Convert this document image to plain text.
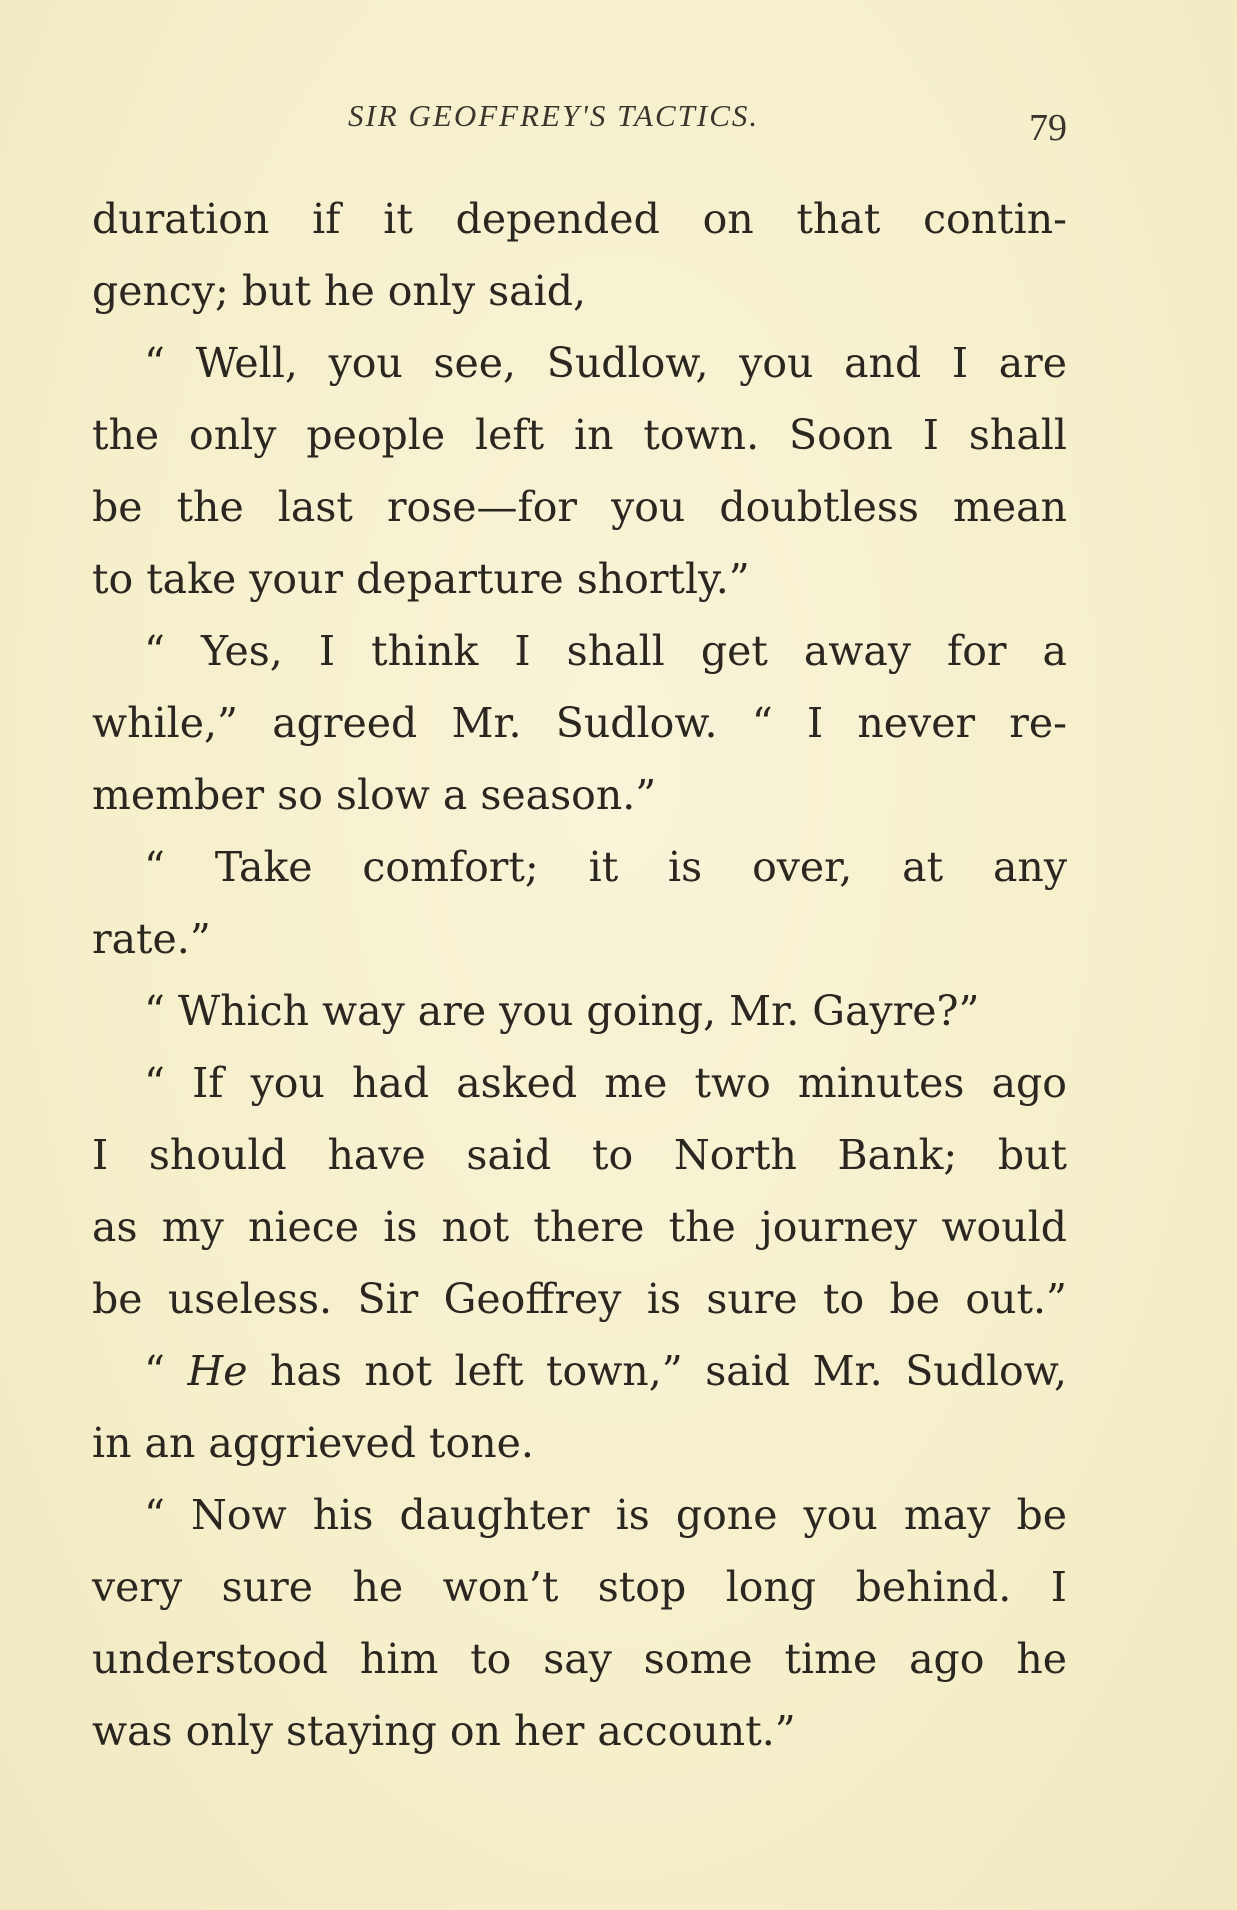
SIR GEOFFREY'S TACTICS.	79
duration if it depended on that contin-
gency; but he only said,
“ Well, you see, Sudlow, you and I are
the only people left in town. Soon I shall
be the last rose—for you doubtless mean
to take your departure shortly.”
“ Yes, I think I shall get away for a
while,” agreed Mr. Sudlow. “ I never re-
member so slow a season.”
“ Take comfort; it is over, at any
rate.”
“ Which way are you going, Mr. Gayre?”
“ If you had asked me two minutes ago
I should have said to North Bank; but
as my niece is not there the journey would
be useless. Sir Geoffrey is sure to be out.”
“ He has not left town,” said Mr. Sudlow,
in an aggrieved tone.
“ Now his daughter is gone you may be
very sure he won’t stop long behind. I
understood him to say some time ago he
was only staying on her account.”
